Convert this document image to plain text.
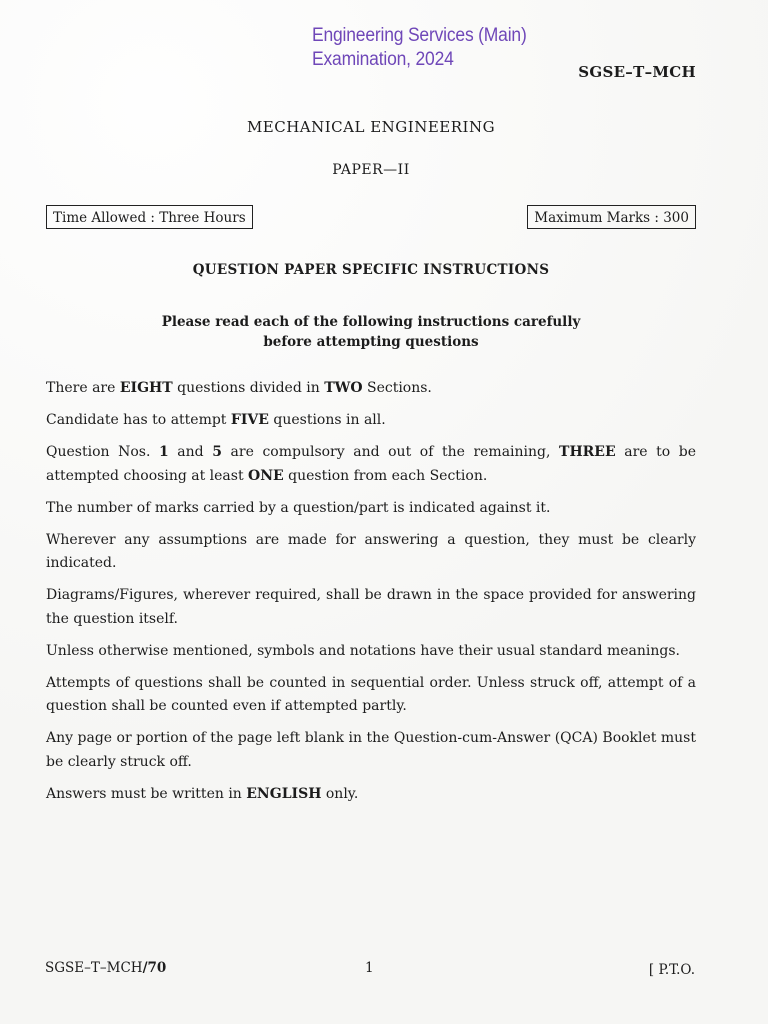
Engineering Services (Main)
Examination, 2024
SGSE–T–MCH
MECHANICAL ENGINEERING
PAPER—II
Time Allowed : Three Hours	Maximum Marks : 300
QUESTION PAPER SPECIFIC INSTRUCTIONS
Please read each of the following instructions carefully
before attempting questions

There are EIGHT questions divided in TWO Sections.

Candidate has to attempt FIVE questions in all.

Question Nos. 1 and 5 are compulsory and out of the remaining, THREE are to be attempted choosing at least ONE question from each Section.

The number of marks carried by a question/part is indicated against it.

Wherever any assumptions are made for answering a question, they must be clearly indicated.

Diagrams/Figures, wherever required, shall be drawn in the space provided for answering the question itself.

Unless otherwise mentioned, symbols and notations have their usual standard meanings.

Attempts of questions shall be counted in sequential order. Unless struck off, attempt of a question shall be counted even if attempted partly.

Any page or portion of the page left blank in the Question-cum-Answer (QCA) Booklet must be clearly struck off.

Answers must be written in ENGLISH only.

SGSE–T–MCH/70	1	[ P.T.O.
